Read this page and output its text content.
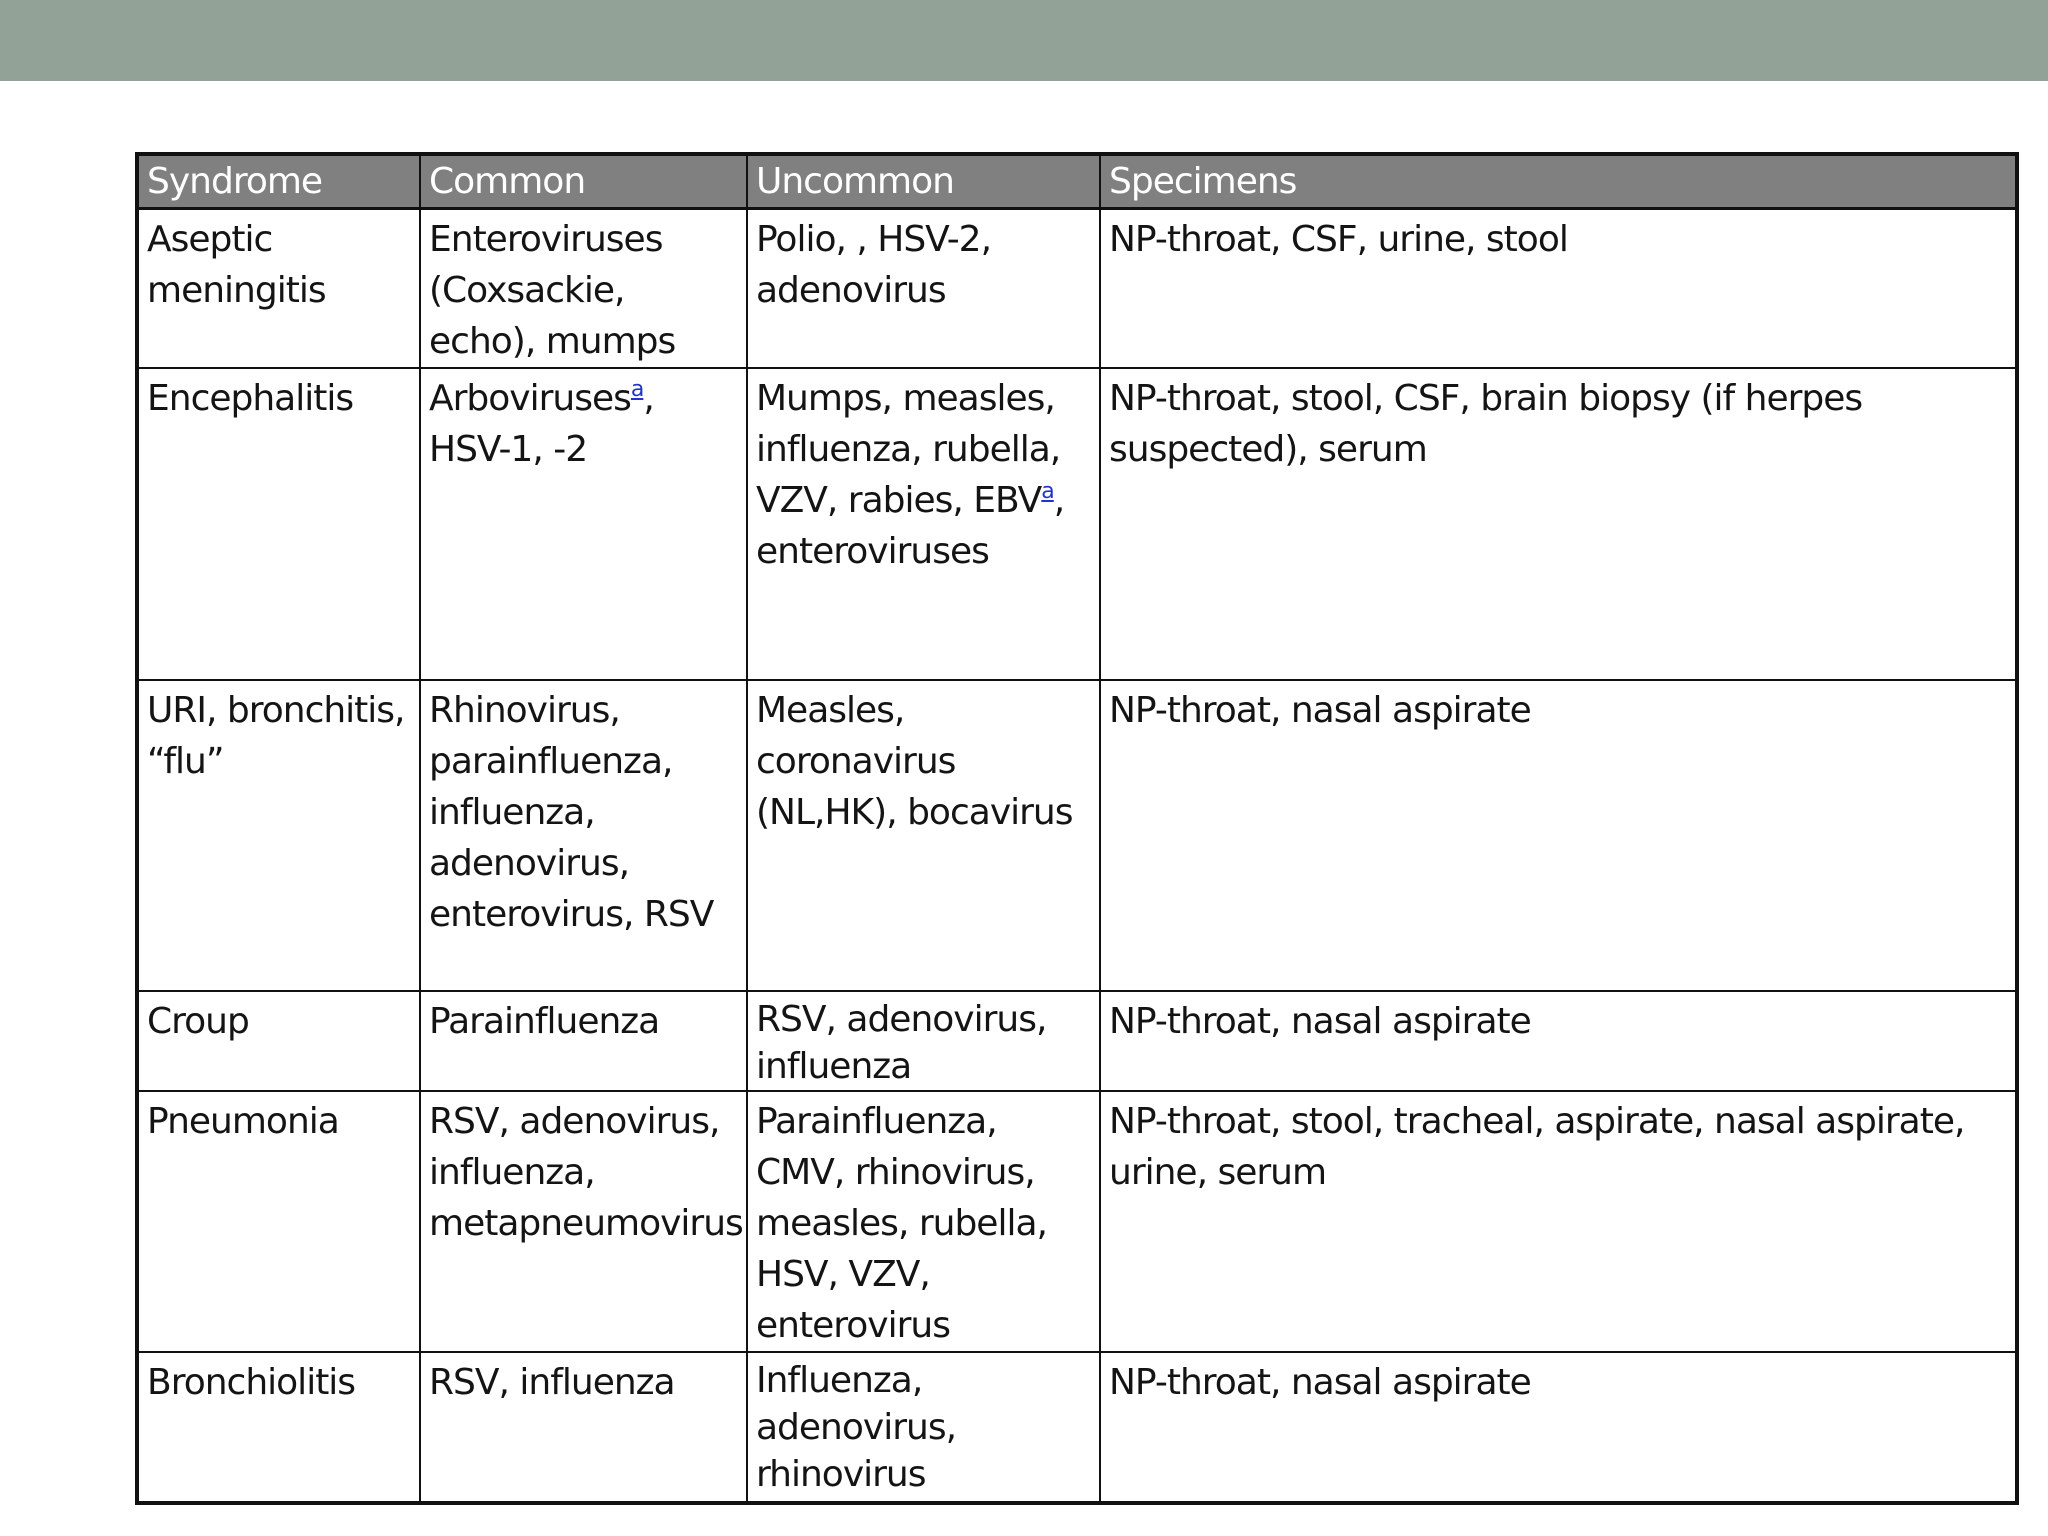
Syndrome	Common	Uncommon	Specimens
Aseptic meningitis	Enteroviruses (Coxsackie, echo), mumps	Polio, , HSV-2, adenovirus	NP-throat, CSF, urine, stool
Encephalitis	Arboviruses$^a$, HSV-1, -2	Mumps, measles, influenza, rubella, VZV, rabies, EBV$^a$, enteroviruses	NP-throat, stool, CSF, brain biopsy (if herpes suspected), serum
URI, bronchitis, “flu”	Rhinovirus, parainfluenza, influenza, adenovirus, enterovirus, RSV	Measles, coronavirus (NL,HK), bocavirus	NP-throat, nasal aspirate
Croup	Parainfluenza	RSV, adenovirus, influenza	NP-throat, nasal aspirate
Pneumonia	RSV, adenovirus, influenza, metapneumovirus	Parainfluenza, CMV, rhinovirus, measles, rubella, HSV, VZV, enterovirus	NP-throat, stool, tracheal, aspirate, nasal aspirate, urine, serum
Bronchiolitis	RSV, influenza	Influenza, adenovirus, rhinovirus	NP-throat, nasal aspirate
